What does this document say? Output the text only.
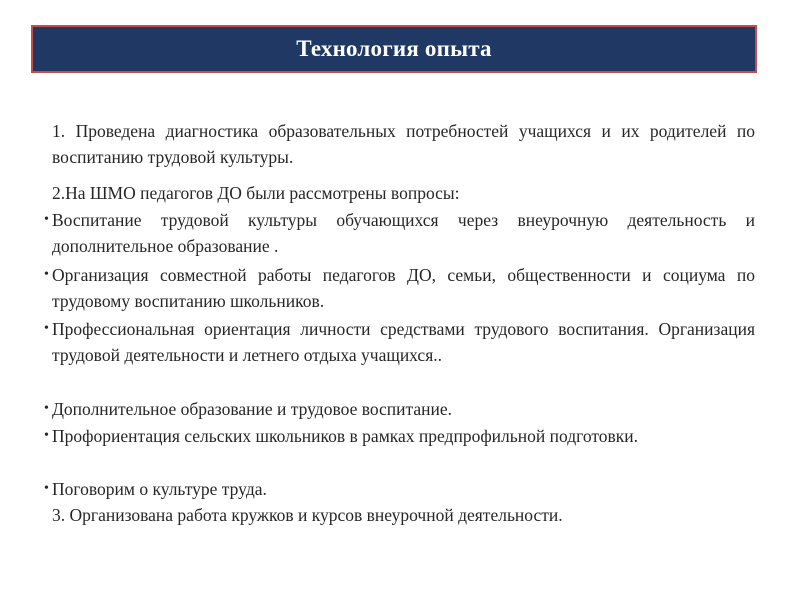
Технология опыта
1. Проведена диагностика образовательных потребностей учащихся и их родителей по воспитанию трудовой культуры.
2.На ШМО педагогов ДО были рассмотрены вопросы:
• Воспитание трудовой культуры обучающихся через внеурочную деятельность и дополнительное образование .
• Организация совместной работы педагогов ДО, семьи, общественности и социума по трудовому воспитанию школьников.
• Профессиональная ориентация личности средствами трудового воспитания. Организация трудовой деятельности и летнего отдыха учащихся..
• Дополнительное образование и трудовое воспитание.
• Профориентация сельских школьников в рамках предпрофильной подготовки.
• Поговорим о культуре труда.
3. Организована работа кружков и курсов внеурочной деятельности.
